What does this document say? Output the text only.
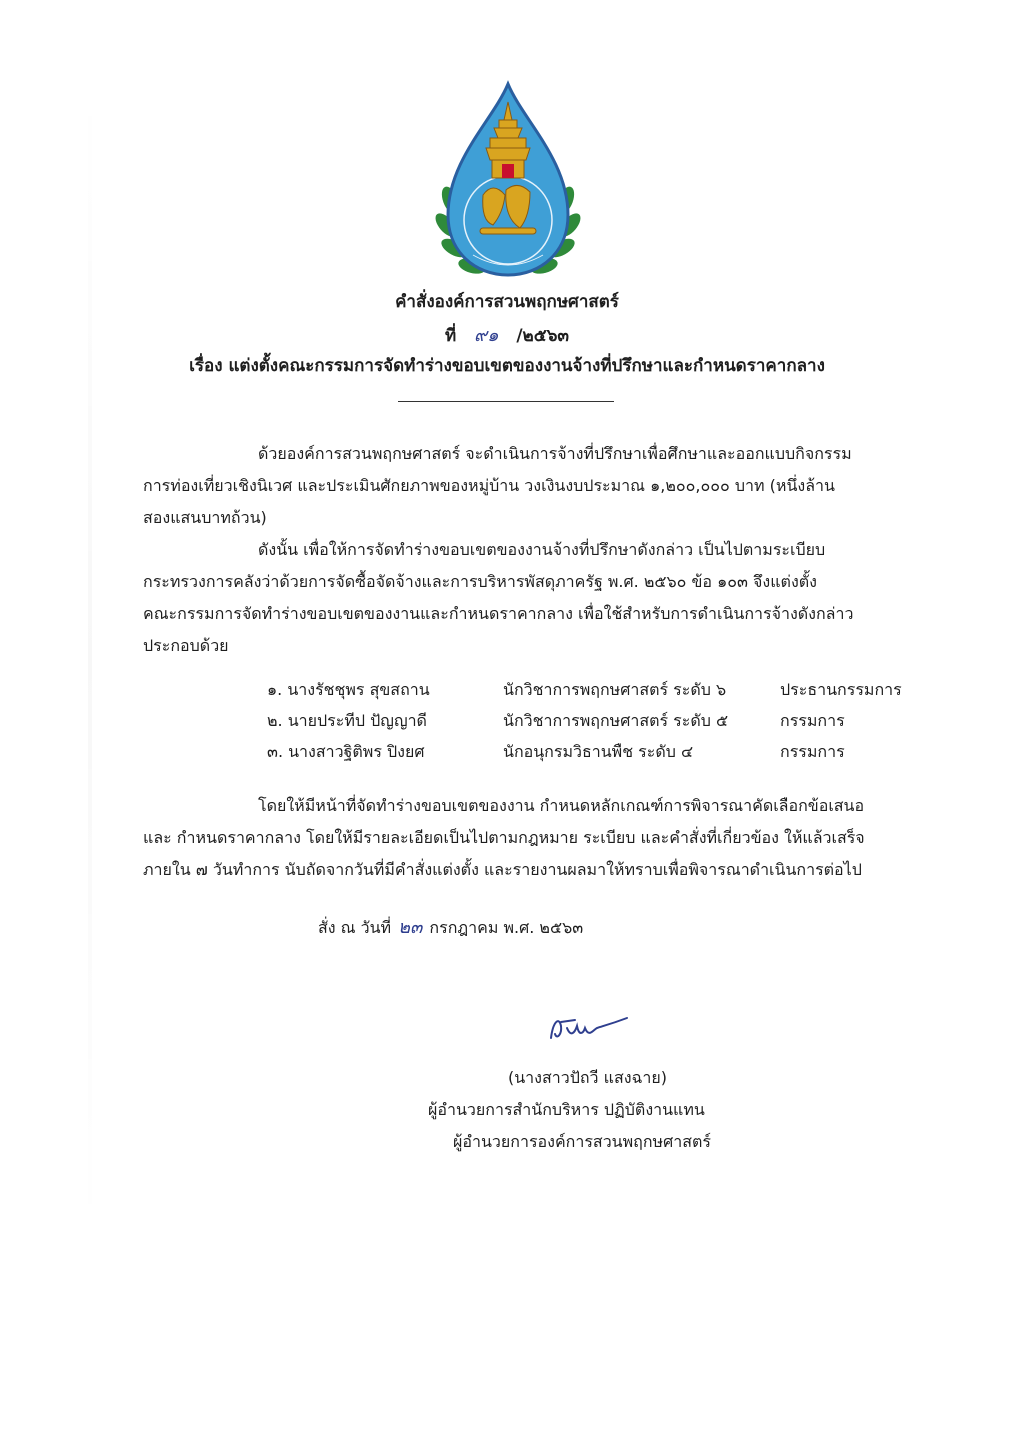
คำสั่งองค์การสวนพฤกษศาสตร์
ที่ ๙๑ /๒๕๖๓
เรื่อง แต่งตั้งคณะกรรมการจัดทำร่างขอบเขตของงานจ้างที่ปรึกษาและกำหนดราคากลาง

ด้วยองค์การสวนพฤกษศาสตร์ จะดำเนินการจ้างที่ปรึกษาเพื่อศึกษาและออกแบบกิจกรรม
การท่องเที่ยวเชิงนิเวศ และประเมินศักยภาพของหมู่บ้าน วงเงินงบประมาณ ๑,๒๐๐,๐๐๐ บาท (หนึ่งล้าน
สองแสนบาทถ้วน)

ดังนั้น เพื่อให้การจัดทำร่างขอบเขตของงานจ้างที่ปรึกษาดังกล่าว เป็นไปตามระเบียบ
กระทรวงการคลังว่าด้วยการจัดซื้อจัดจ้างและการบริหารพัสดุภาครัฐ พ.ศ. ๒๕๖๐ ข้อ ๑๐๓ จึงแต่งตั้ง
คณะกรรมการจัดทำร่างขอบเขตของงานและกำหนดราคากลาง เพื่อใช้สำหรับการดำเนินการจ้างดังกล่าว
ประกอบด้วย

๑. นางรัชชุพร สุขสถาน	นักวิชาการพฤกษศาสตร์ ระดับ ๖	ประธานกรรมการ
๒. นายประทีป ปัญญาดี	นักวิชาการพฤกษศาสตร์ ระดับ ๕	กรรมการ
๓. นางสาวฐิติพร ปิงยศ	นักอนุกรมวิธานพืช ระดับ ๔	กรรมการ

โดยให้มีหน้าที่จัดทำร่างขอบเขตของงาน กำหนดหลักเกณฑ์การพิจารณาคัดเลือกข้อเสนอ
และ กำหนดราคากลาง โดยให้มีรายละเอียดเป็นไปตามกฎหมาย ระเบียบ และคำสั่งที่เกี่ยวข้อง ให้แล้วเสร็จ
ภายใน ๗ วันทำการ นับถัดจากวันที่มีคำสั่งแต่งตั้ง และรายงานผลมาให้ทราบเพื่อพิจารณาดำเนินการต่อไป

สั่ง ณ วันที่ ๒๓ กรกฎาคม พ.ศ. ๒๕๖๓
(นางสาวปัถวี แสงฉาย)
ผู้อำนวยการสำนักบริหาร ปฏิบัติงานแทน
ผู้อำนวยการองค์การสวนพฤกษศาสตร์
